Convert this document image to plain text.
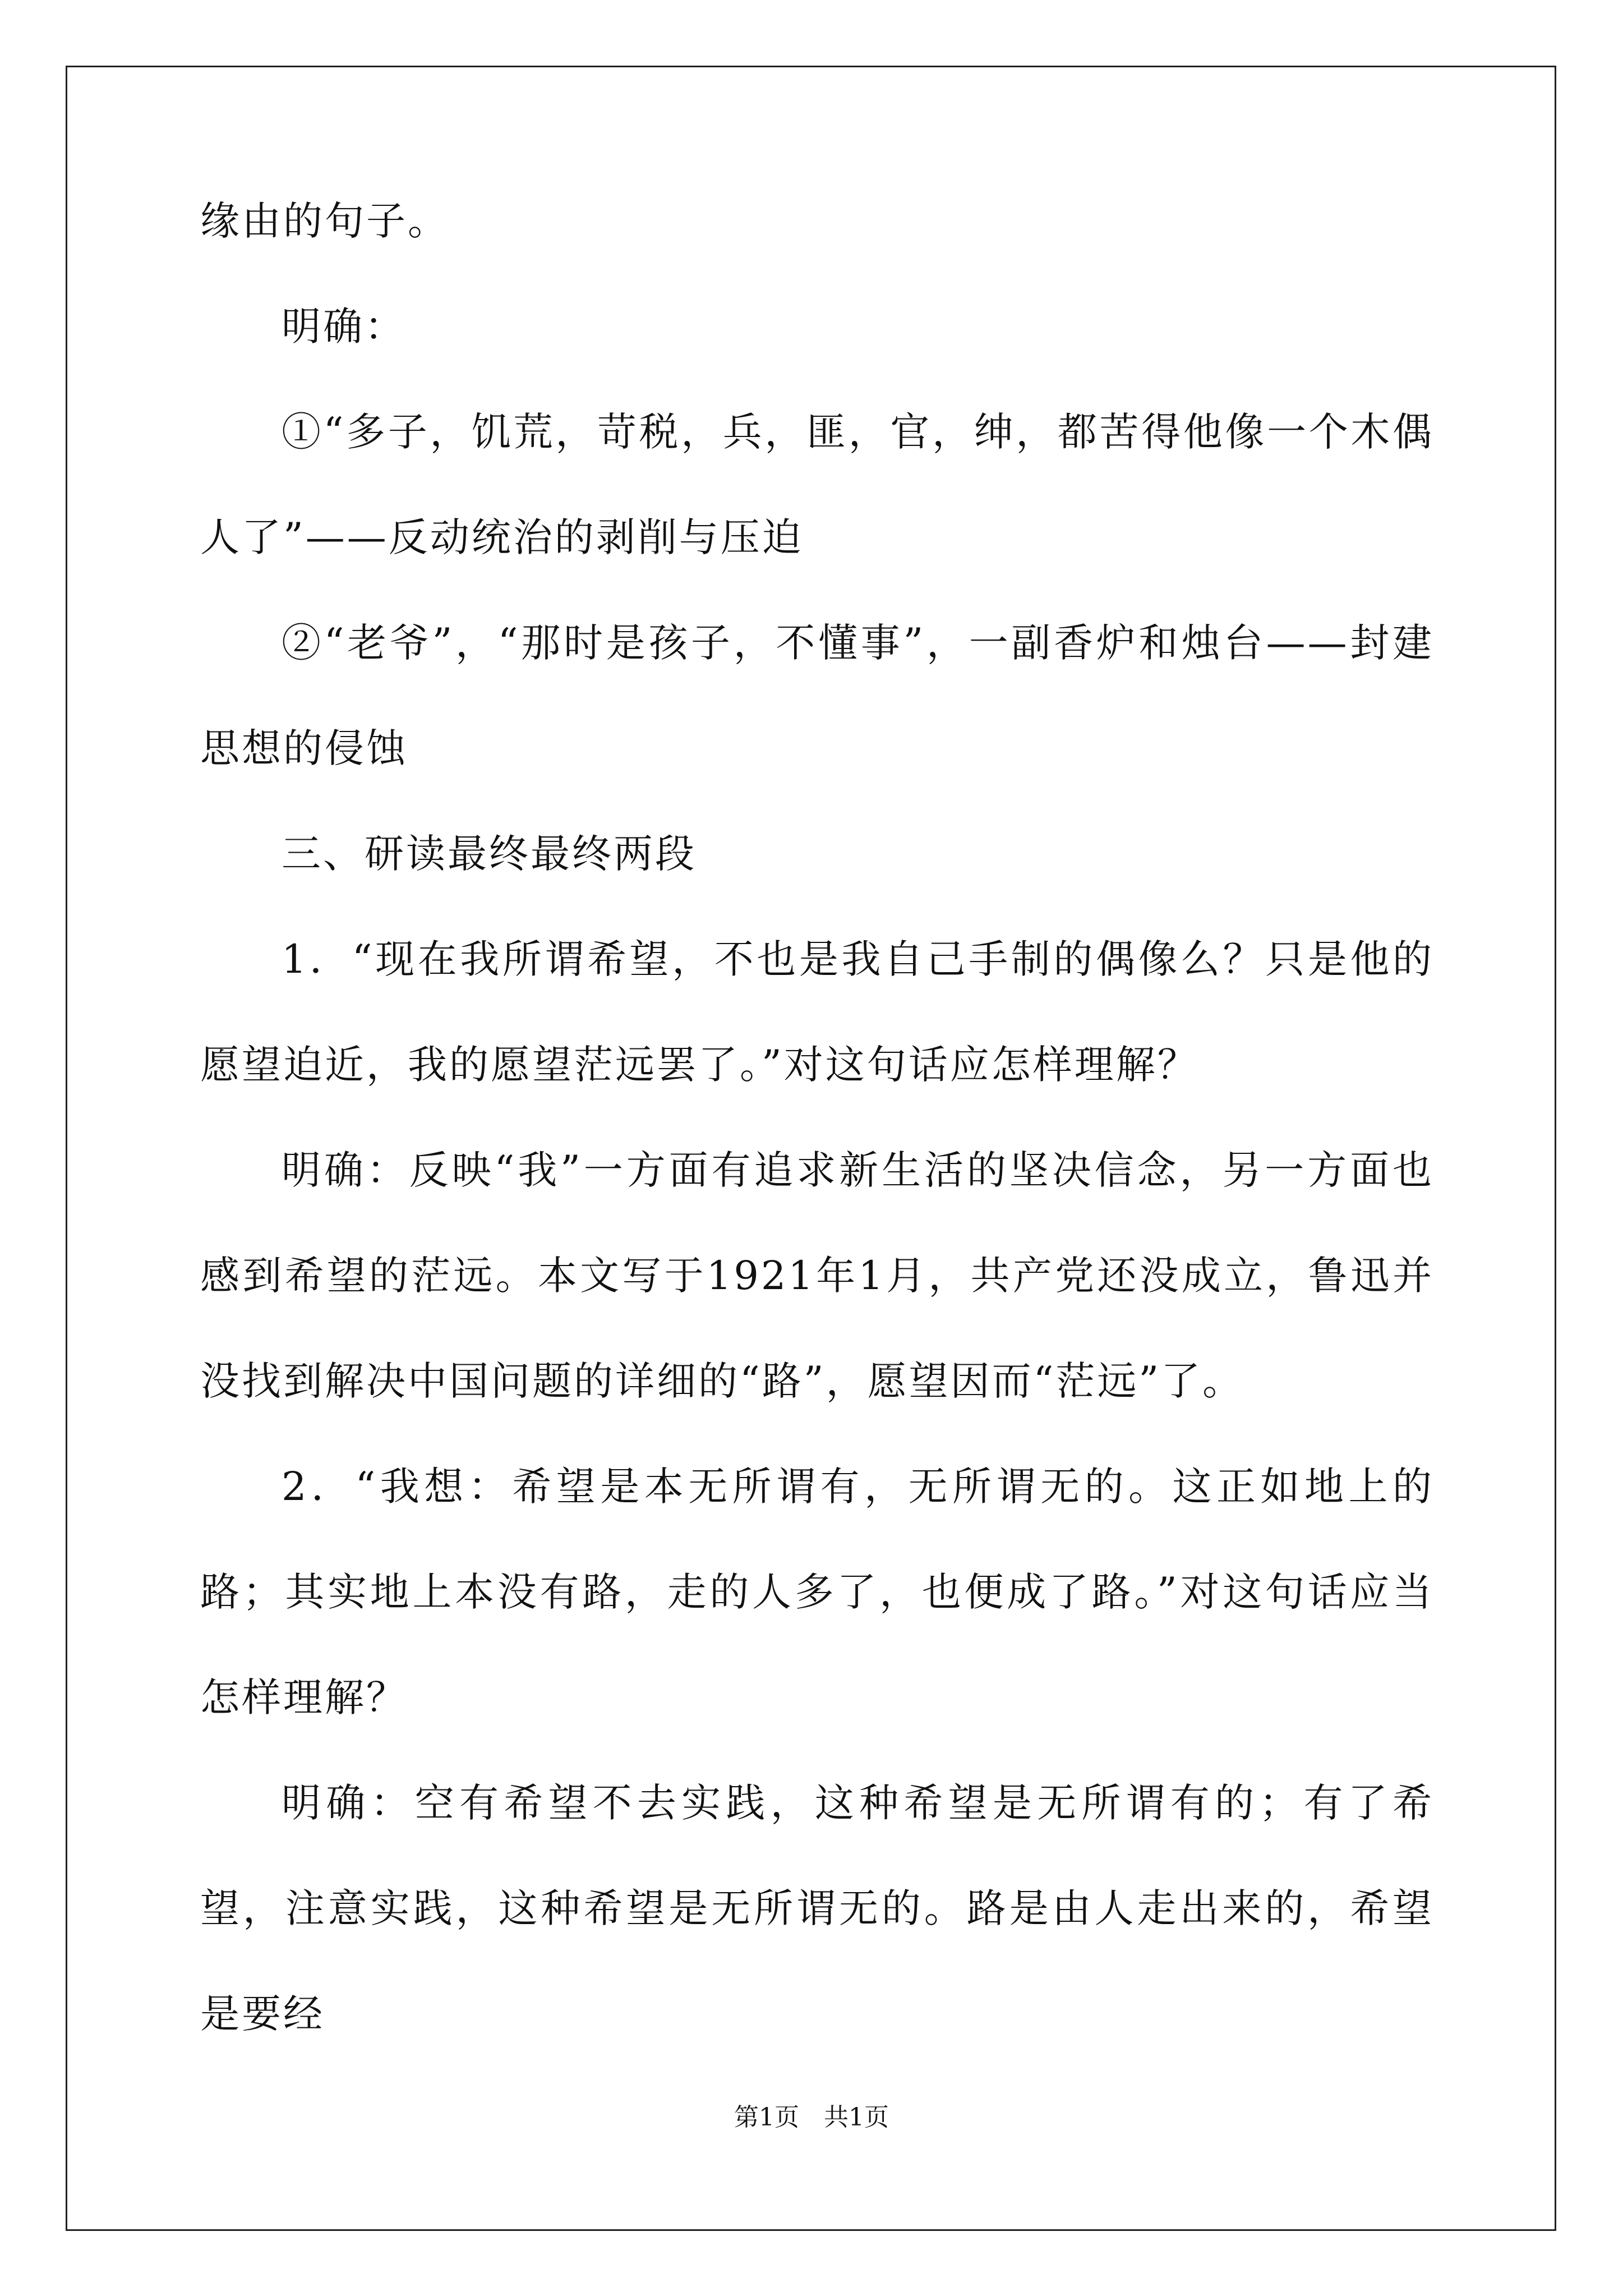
缘由的句子。

明确：

①“多子，饥荒，苛税，兵，匪，官，绅，都苦得他像一个木偶人了”——反动统治的剥削与压迫

②“老爷”，“那时是孩子，不懂事”，一副香炉和烛台——封建思想的侵蚀

三、研读最终最终两段

1．“现在我所谓希望，不也是我自己手制的偶像么？只是他的愿望迫近，我的愿望茫远罢了。”对这句话应怎样理解？

明确：反映“我”一方面有追求新生活的坚决信念，另一方面也感到希望的茫远。本文写于1921年1月，共产党还没成立，鲁迅并没找到解决中国问题的详细的“路”，愿望因而“茫远”了。

2．“我想：希望是本无所谓有，无所谓无的。这正如地上的路；其实地上本没有路，走的人多了，也便成了路。”对这句话应当怎样理解？

明确：空有希望不去实践，这种希望是无所谓有的；有了希望，注意实践，这种希望是无所谓无的。路是由人走出来的，希望是要经

第1页　共1页
